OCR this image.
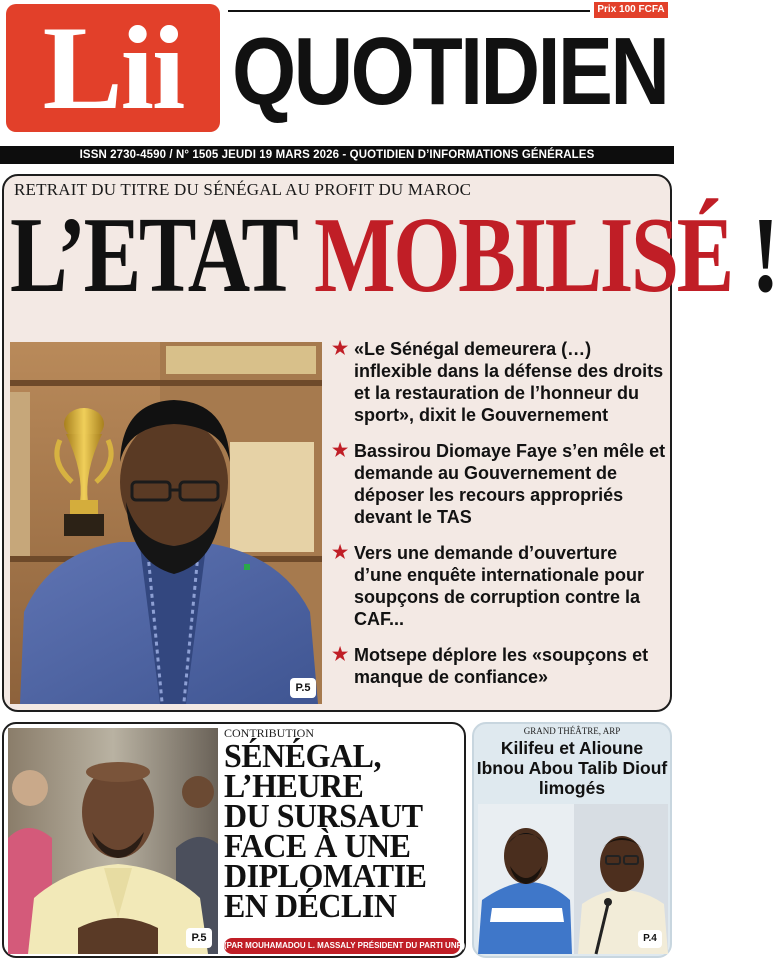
Lii	Prix 100 FCFA
QUOTIDIEN
ISSN 2730-4590 / N° 1505 JEUDI 19 MARS 2026 - QUOTIDIEN D’INFORMATIONS GÉNÉRALES
RETRAIT DU TITRE DU SÉNÉGAL AU PROFIT DU MAROC
L’ETAT MOBILISÉ !
P.5
★ «Le Sénégal demeurera (…) inflexible dans la défense des droits et la restauration de l’honneur du sport», dixit le Gouvernement
★ Bassirou Diomaye Faye s’en mêle et demande au Gouvernement de déposer les recours appropriés devant le TAS
★ Vers une demande d’ouverture d’une enquête internationale pour soupçons de corruption contre la CAF...
★ Motsepe déplore les «soupçons et manque de confiance»
P.5
CONTRIBUTION
SÉNÉGAL,
L’HEURE
DU SURSAUT
FACE À UNE
DIPLOMATIE
EN DÉCLIN
(PAR MOUHAMADOU L. MASSALY PRÉSIDENT DU PARTI UNR)
GRAND THÉÂTRE, ARP
Kilifeu et Alioune Ibnou Abou Talib Diouf limogés
P.4
